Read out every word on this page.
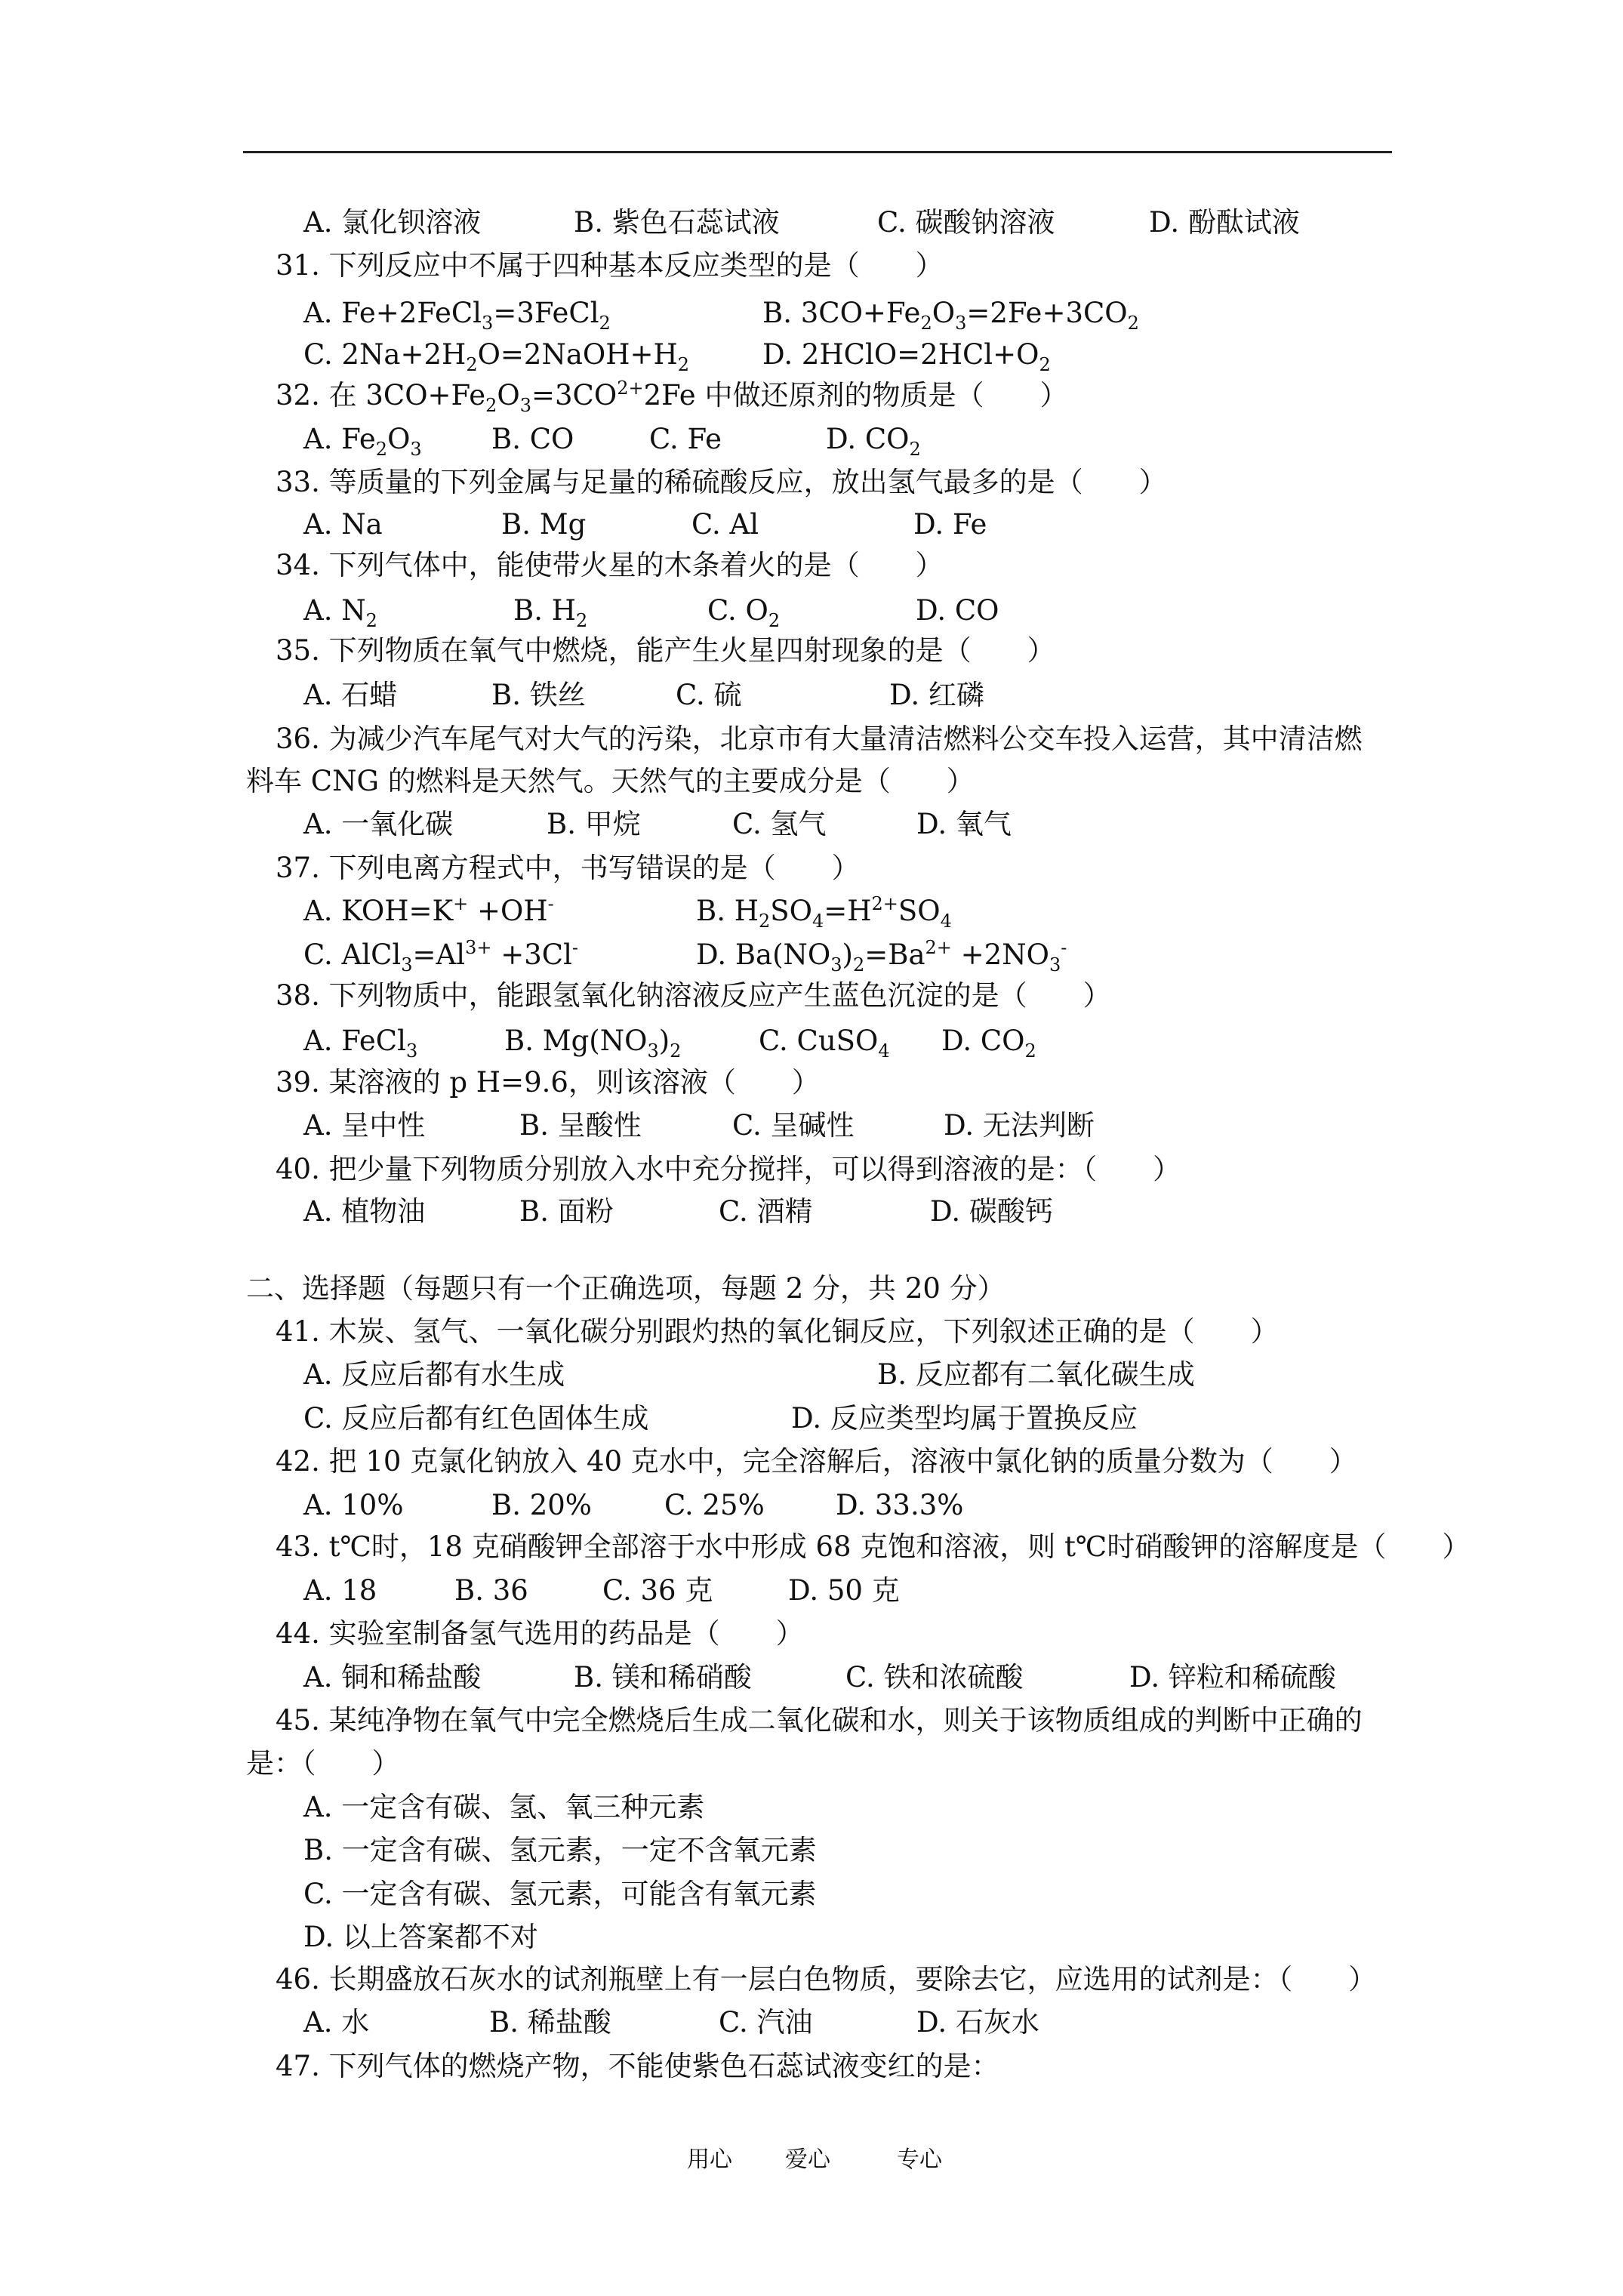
A. 氯化钡溶液	B. 紫色石蕊试液	C. 碳酸钠溶液	D. 酚酞试液
31. 下列反应中不属于四种基本反应类型的是（　　）
A. Fe+2FeCl$_3$=3FeCl$_2$	B. $3CO+Fe_2O_3=2Fe+3CO_2$
C. $2Na+2H_2O=2NaOH+H_2$	D. $2HClO=2HCl+O_2$
32. 在 $3CO+Fe_2O_3=3CO^{2+}2Fe$ 中做还原剂的物质是（　　）
A. $Fe_2O_3$ B. CO	C. Fe	D. $CO_2$
33. 等质量的下列金属与足量的稀硫酸反应，放出氢气最多的是（　　）
A. Na	B. Mg	C. Al	D. Fe
34. 下列气体中，能使带火星的木条着火的是（　　）
A. $N_2$	B. $H_2$	C. $O_2$	D. CO
35. 下列物质在氧气中燃烧，能产生火星四射现象的是（　　）
A. 石蜡	B. 铁丝	C. 硫	D. 红磷
36. 为减少汽车尾气对大气的污染，北京市有大量清洁燃料公交车投入运营，其中清洁燃
料车 CNG 的燃料是天然气。天然气的主要成分是（　　）
A. 一氧化碳	B. 甲烷	C. 氢气	D. 氧气
37. 下列电离方程式中，书写错误的是（　　）
A. KOH=K+ +OH-	B. $H_2SO_4=H^{2+}SO_4$
C. $AlCl_3=Al^{3+} +3Cl^-$	D. $Ba(NO_3)_2=Ba^{2+} +2NO_3^-$
38. 下列物质中，能跟氢氧化钠溶液反应产生蓝色沉淀的是（　　）
A. FeCl$_3$	B. $Mg(NO_3)_2$	C. CuSO$_4$ D. $CO_2$
39. 某溶液的 p H=9.6，则该溶液（　　）
A. 呈中性	B. 呈酸性	C. 呈碱性	D. 无法判断
40. 把少量下列物质分别放入水中充分搅拌，可以得到溶液的是：（　　）
A. 植物油	B. 面粉	C. 酒精	D. 碳酸钙
二、选择题（每题只有一个正确选项，每题 2 分，共 20 分）
41. 木炭、氢气、一氧化碳分别跟灼热的氧化铜反应，下列叙述正确的是（　　）
A. 反应后都有水生成	B. 反应都有二氧化碳生成
C. 反应后都有红色固体生成	D. 反应类型均属于置换反应
42. 把 10 克氯化钠放入 40 克水中，完全溶解后，溶液中氯化钠的质量分数为（　　）
A. 10%	B. 20%	C. 25%	D. 33.3%
43. t℃时，18 克硝酸钾全部溶于水中形成 68 克饱和溶液，则 t℃时硝酸钾的溶解度是（　　）
A. 18	B. 36	C. 36 克	D. 50 克
44. 实验室制备氢气选用的药品是（　　）
A. 铜和稀盐酸	B. 镁和稀硝酸	C. 铁和浓硫酸	D. 锌粒和稀硫酸
45. 某纯净物在氧气中完全燃烧后生成二氧化碳和水，则关于该物质组成的判断中正确的
是：（　　）
A. 一定含有碳、氢、氧三种元素
B. 一定含有碳、氢元素，一定不含氧元素
C. 一定含有碳、氢元素，可能含有氧元素
D. 以上答案都不对
46. 长期盛放石灰水的试剂瓶壁上有一层白色物质，要除去它，应选用的试剂是：（　　）
A. 水	B. 稀盐酸	C. 汽油	D. 石灰水
47. 下列气体的燃烧产物，不能使紫色石蕊试液变红的是：
用心 爱心	专心
